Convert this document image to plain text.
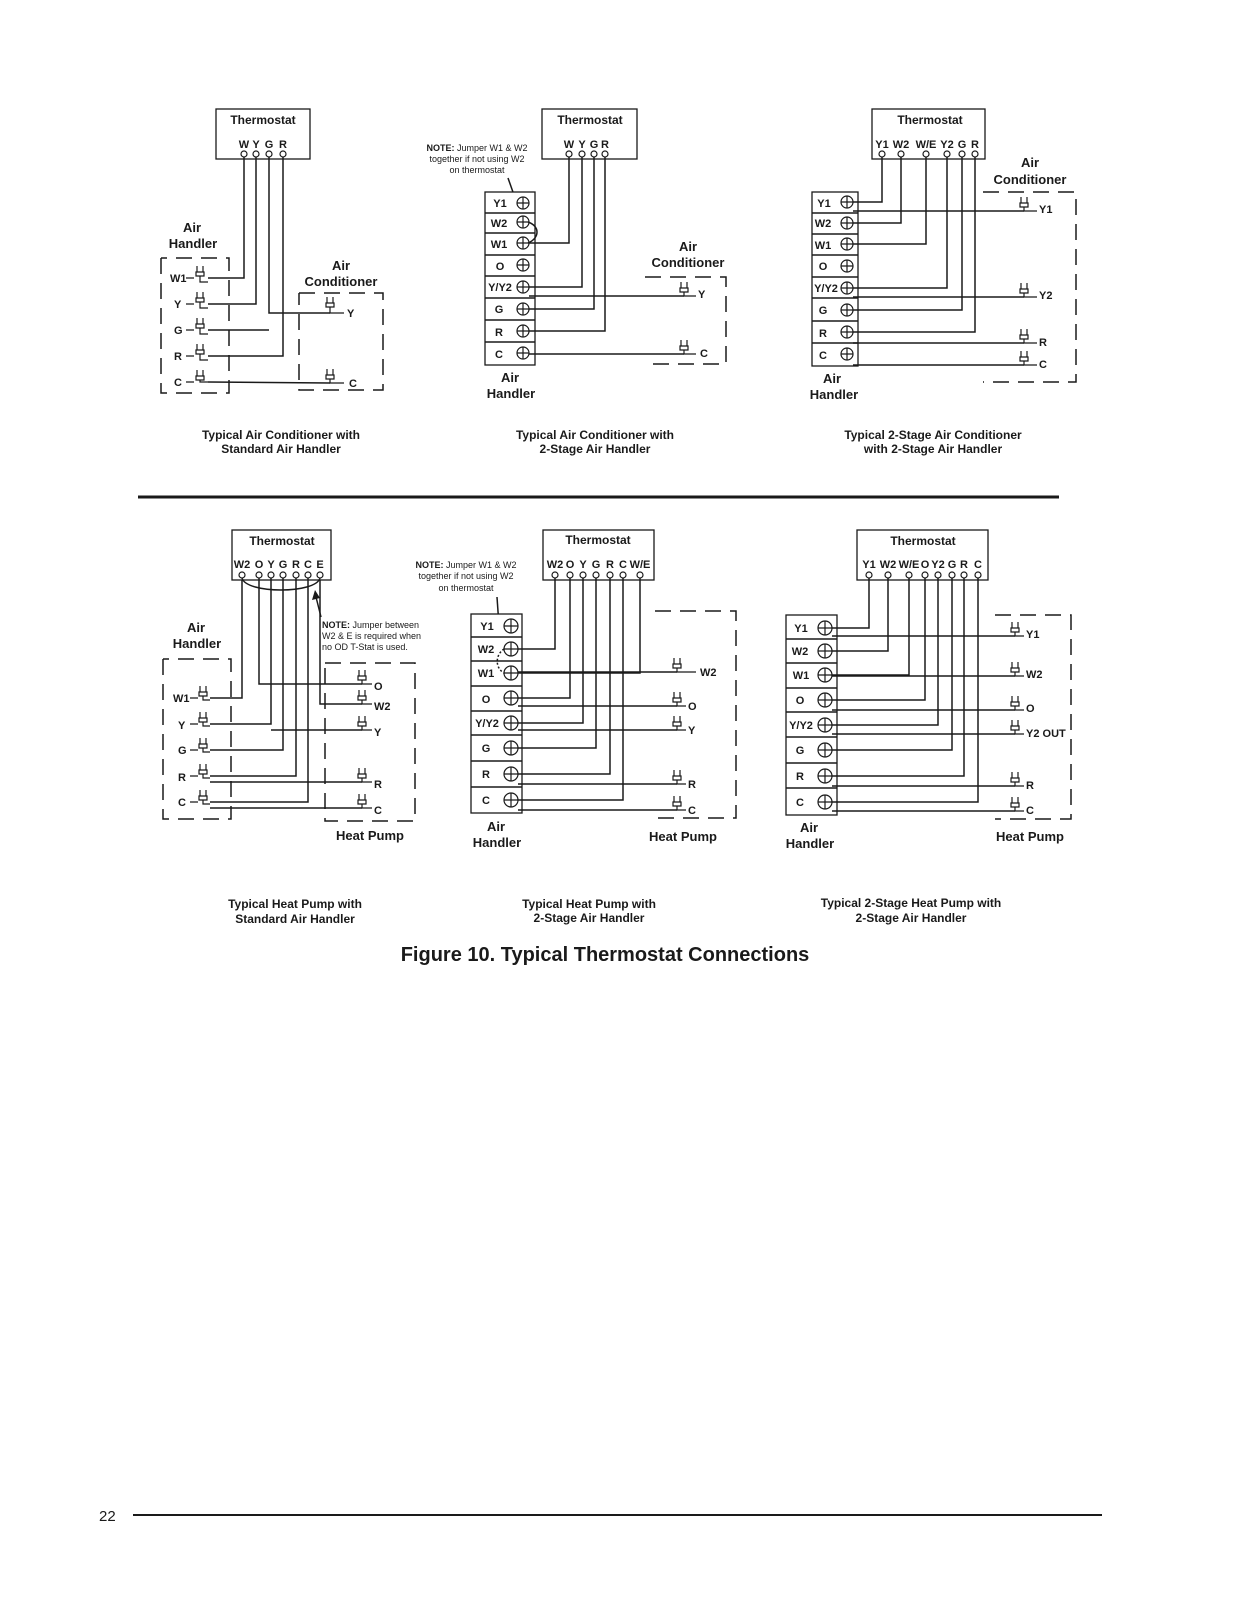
Thermostat
W Y G R
Air
Handler
W1
Y
G
R
C
Air
Conditioner
Y
C
Typical Air Conditioner with
Standard Air Handler
Thermostat
W Y G R
NOTE: Jumper W1 & W2
together if not using W2
on thermostat
Y1
W2
W1
O
Y/Y2
G
R
C
Air
Handler
Air
Conditioner
Y
C
Typical Air Conditioner with
2-Stage Air Handler
Thermostat
Y1 W2 W/E Y2 G R
Y1
W2
W1
O
Y/Y2
G
R
C
Air
Handler
Air
Conditioner
Y1
Y2
R
C
Typical 2-Stage Air Conditioner
with 2-Stage Air Handler
Thermostat
W2 O Y G R C E
NOTE: Jumper between
W2 & E is required when
no OD T-Stat is used.
Air
Handler
W1
Y
G
R
C
O
W2
Y
R
C
Heat Pump
Typical Heat Pump with
Standard Air Handler
Thermostat
W2 O Y G R C W/E
NOTE: Jumper W1 & W2
together if not using W2
on thermostat
Y1
W2
W1
O
Y/Y2
G
R
C
Air
Handler
W2
O
Y
R
C
Heat Pump
Typical Heat Pump with
2-Stage Air Handler
Thermostat
Y1 W2 W/E O Y2 G R C
Y1
W2
W1
O
Y/Y2
G
R
C
Air
Handler
Y1
W2
O
Y2 OUT
R
C
Heat Pump
Typical 2-Stage Heat Pump with
2-Stage Air Handler
Figure 10. Typical Thermostat Connections
22
